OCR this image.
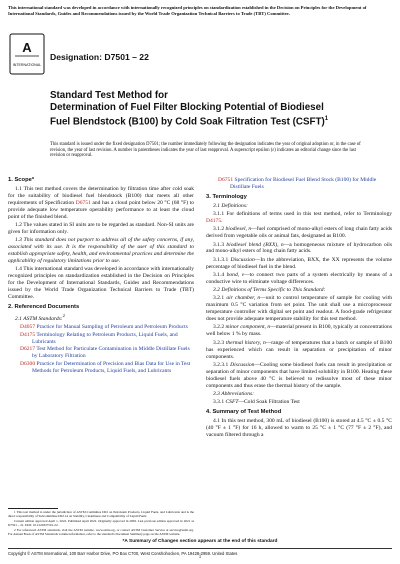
This international standard was developed in accordance with internationally recognized principles on standardization established in the Decision on Principles for the Development of International Standards, Guides and Recommendations issued by the World Trade Organization Technical Barriers to Trade (TBT) Committee.
A
INTERNATIONAL
Designation: D7501 – 22
Standard Test Method for
Determination of Fuel Filter Blocking Potential of Biodiesel
Fuel Blendstock (B100) by Cold Soak Filtration Test (CSFT)$^1$
This standard is issued under the fixed designation D7501; the number immediately following the designation indicates the year of original adoption or, in the case of revision, the year of last revision. A number in parentheses indicates the year of last reapproval. A superscript epsilon (ε) indicates an editorial change since the last revision or reapproval.
1. Scope*

1.1 This test method covers the determination by filtration time after cold soak for the suitability of biodiesel fuel blendstock (B100) that meets all other requirements of Specification D6751 and has a cloud point below 20 °C (68 °F) to provide adequate low temperature operability performance to at least the cloud point of the finished blend.

1.2 The values stated in SI units are to be regarded as standard. Non-SI units are given for information only.

1.3 This standard does not purport to address all of the safety concerns, if any, associated with its use. It is the responsibility of the user of this standard to establish appropriate safety, health, and environmental practices and determine the applicability of regulatory limitations prior to use.

1.4 This international standard was developed in accordance with internationally recognized principles on standardization established in the Decision on Principles for the Development of International Standards, Guides and Recommendations issued by the World Trade Organization Technical Barriers to Trade (TBT) Committee.

2. Referenced Documents

2.1 ASTM Standards:$^2$

D4057 Practice for Manual Sampling of Petroleum and Petroleum Products

D4175 Terminology Relating to Petroleum Products, Liquid Fuels, and Lubricants

D6217 Test Method for Particulate Contamination in Middle Distillate Fuels by Laboratory Filtration

D6300 Practice for Determination of Precision and Bias Data for Use in Test Methods for Petroleum Products, Liquid Fuels, and Lubricants

D6751 Specification for Biodiesel Fuel Blend Stock (B100) for Middle Distillate Fuels

3. Terminology

3.1 Definitions:

3.1.1 For definitions of terms used in this test method, refer to Terminology D4175.

3.1.2 biodiesel, n—fuel comprised of mono-alkyl esters of long chain fatty acids derived from vegetable oils or animal fats, designated as B100.

3.1.3 biodiesel blend (BXX), n—a homogeneous mixture of hydrocarbon oils and mono-alkyl esters of long chain fatty acids.

3.1.3.1 Discussion—In the abbreviation, BXX, the XX represents the volume percentage of biodiesel fuel in the blend.

3.1.4 bond, v—to connect two parts of a system electrically by means of a conductive wire to eliminate voltage differences.

3.2 Definitions of Terms Specific to This Standard:

3.2.1 air chamber, n—unit to control temperature of sample for cooling with maximum 0.5 °C variation from set point. The unit shall use a microprocessor temperature controller with digital set point and readout. A food-grade refrigerator does not provide adequate temperature stability for this test method.

3.2.2 minor component, n—material present in B100, typically at concentrations well below 1 % by mass.

3.2.3 thermal history, n—range of temperatures that a batch or sample of B100 has experienced which can result in separation or precipitation of minor components.

3.2.3.1 Discussion—Cooling some biodiesel fuels can result in precipitation or separation of minor components that have limited solubility in B100. Heating these biodiesel fuels above 40 °C is believed to redissolve most of these minor components and thus erase the thermal history of the sample.

3.3 Abbreviations:

3.3.1 CSFT—Cold Soak Filtration Test

4. Summary of Test Method

4.1 In this test method, 300 mL of biodiesel (B100) is stored at 4.5 °C ± 0.5 °C (40 °F ± 1 °F) for 16 h, allowed to warm to 25 °C ± 1 °C (77 °F ± 2 °F), and vacuum filtered through a

1 This test method is under the jurisdiction of ASTM Committee D02 on Petroleum Products, Liquid Fuels, and Lubricants and is the direct responsibility of Subcommittee D02.14 on Stability, Cleanliness and Compatibility of Liquid Fuels.

Current edition approved April 1, 2022. Published April 2022. Originally approved in 2009. Last previous edition approved in 2021 as D7501 – 21. DOI: 10.1520/D7501-22.

2 For referenced ASTM standards, visit the ASTM website, www.astm.org, or contact ASTM Customer Service at service@astm.org. For Annual Book of ASTM Standards volume information, refer to the standard's Document Summary page on the ASTM website.

*A Summary of Changes section appears at the end of this standard
Copyright © ASTM International, 100 Barr Harbor Drive, PO Box C700, West Conshohocken, PA 19428-2959. United States
1
